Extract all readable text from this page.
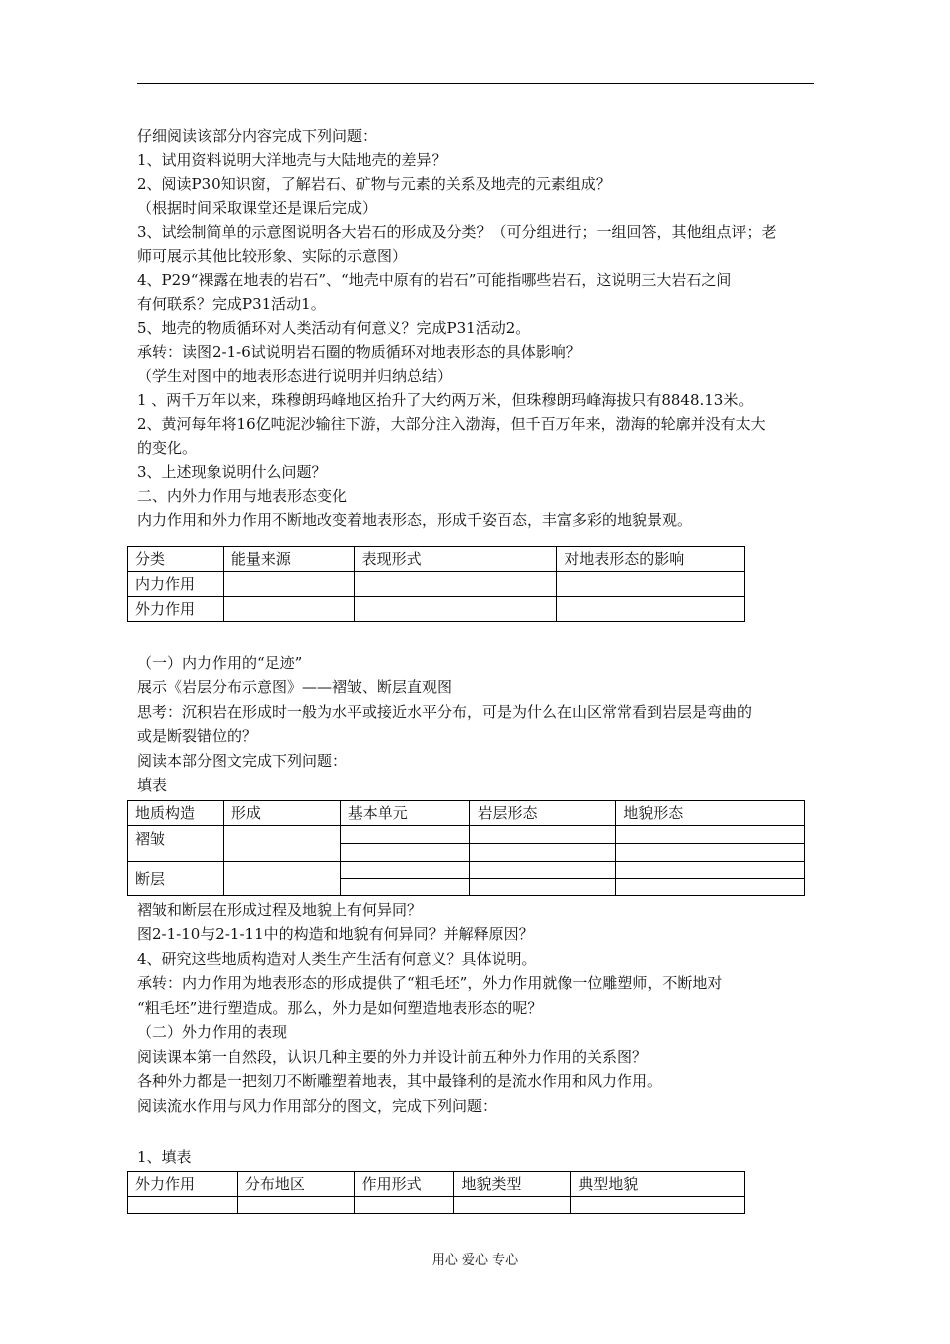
仔细阅读该部分内容完成下列问题：
1、试用资料说明大洋地壳与大陆地壳的差异？
2、阅读P30知识窗，了解岩石、矿物与元素的关系及地壳的元素组成？
（根据时间采取课堂还是课后完成）
3、试绘制简单的示意图说明各大岩石的形成及分类？（可分组进行；一组回答，其他组点评；老
师可展示其他比较形象、实际的示意图）
4、P29“裸露在地表的岩石”、“地壳中原有的岩石”可能指哪些岩石，这说明三大岩石之间
有何联系？完成P31活动1。
5、地壳的物质循环对人类活动有何意义？完成P31活动2。
承转：读图2-1-6试说明岩石圈的物质循环对地表形态的具体影响？
（学生对图中的地表形态进行说明并归纳总结）
1 、两千万年以来，珠穆朗玛峰地区抬升了大约两万米，但珠穆朗玛峰海拔只有8848.13米。
2、黄河每年将16亿吨泥沙输往下游，大部分注入渤海，但千百万年来，渤海的轮廓并没有太大
的变化。
3、上述现象说明什么问题？
二、内外力作用与地表形态变化
内力作用和外力作用不断地改变着地表形态，形成千姿百态，丰富多彩的地貌景观。
分类	能量来源	表现形式	对地表形态的影响
内力作用			
外力作用			
（一）内力作用的“足迹”
展示《岩层分布示意图》——褶皱、断层直观图
思考：沉积岩在形成时一般为水平或接近水平分布，可是为什么在山区常常看到岩层是弯曲的
或是断裂错位的？
阅读本部分图文完成下列问题：
填表
地质构造	形成	基本单元	岩层形态	地貌形态
褶皱				

断层				

褶皱和断层在形成过程及地貌上有何异同？
图2-1-10与2-1-11中的构造和地貌有何异同？并解释原因？
4、研究这些地质构造对人类生产生活有何意义？具体说明。
承转：内力作用为地表形态的形成提供了“粗毛坯”，外力作用就像一位雕塑师，不断地对
“粗毛坯”进行塑造成。那么，外力是如何塑造地表形态的呢？
（二）外力作用的表现
阅读课本第一自然段，认识几种主要的外力并设计前五种外力作用的关系图？
各种外力都是一把刻刀不断雕塑着地表，其中最锋利的是流水作用和风力作用。
阅读流水作用与风力作用部分的图文，完成下列问题：
1、填表
外力作用	分布地区	作用形式	地貌类型	典型地貌

用心 爱心 专心
